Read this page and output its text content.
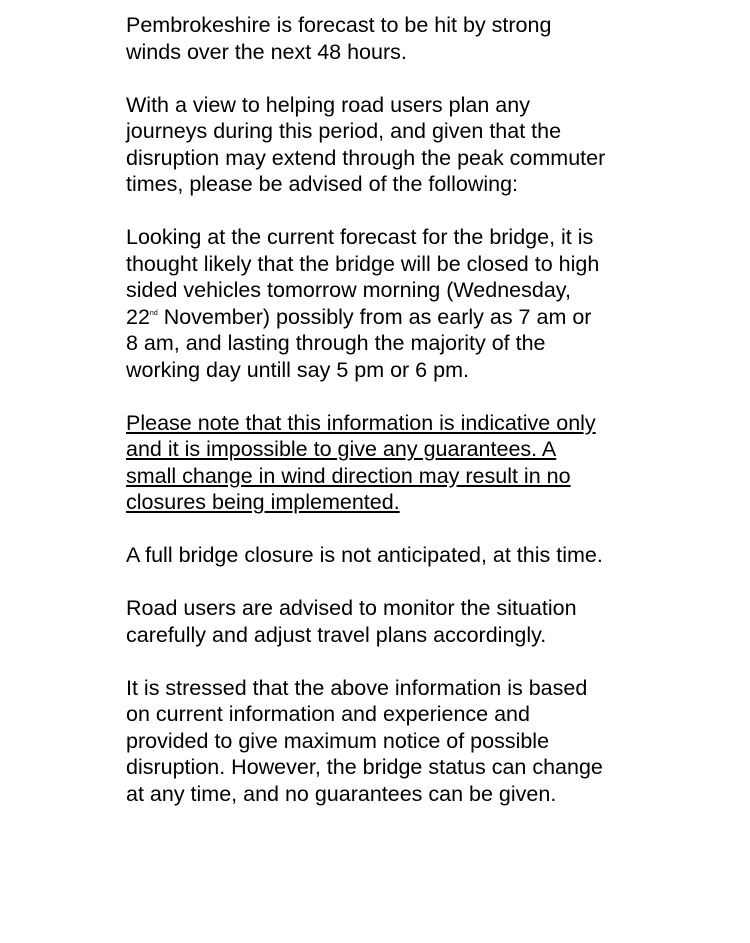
Pembrokeshire is forecast to be hit by strong winds over the next 48 hours.

With a view to helping road users plan any journeys during this period, and given that the disruption may extend through the peak commuter times, please be advised of the following:

Looking at the current forecast for the bridge, it is thought likely that the bridge will be closed to high sided vehicles tomorrow morning (Wednesday, 22nd November) possibly from as early as 7 am or 8 am, and lasting through the majority of the working day untill say 5 pm or 6 pm.

Please note that this information is indicative only and it is impossible to give any guarantees. A small change in wind direction may result in no closures being implemented.

A full bridge closure is not anticipated, at this time.

Road users are advised to monitor the situation carefully and adjust travel plans accordingly.

It is stressed that the above information is based on current information and experience and provided to give maximum notice of possible disruption. However, the bridge status can change at any time, and no guarantees can be given.
